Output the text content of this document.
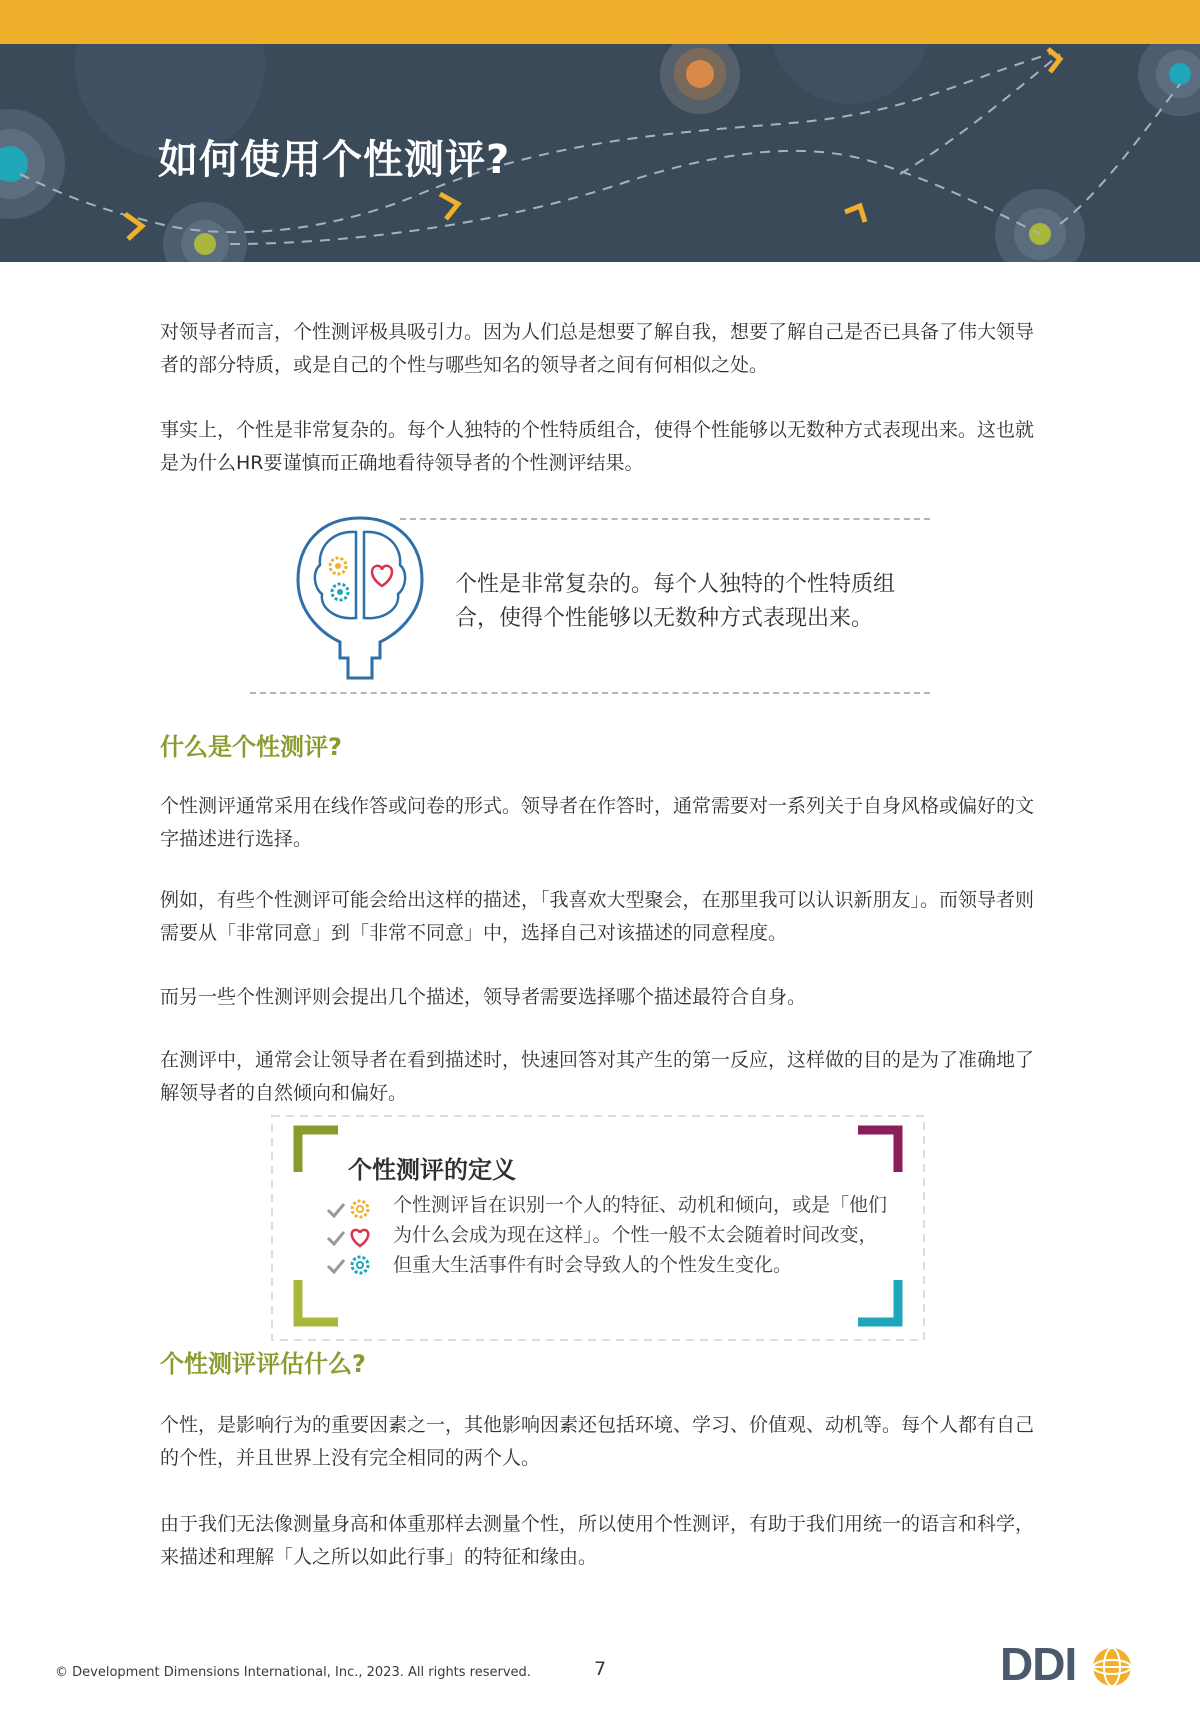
如何使用个性测评?

对领导者而言，个性测评极具吸引力。因为人们总是想要了解自我，想要了解自己是否已具备了伟大领导者的部分特质，或是自己的个性与哪些知名的领导者之间有何相似之处。

事实上，个性是非常复杂的。每个人独特的个性特质组合，使得个性能够以无数种方式表现出来。这也就是为什么HR要谨慎而正确地看待领导者的个性测评结果。

个性是非常复杂的。每个人独特的个性特质组合，使得个性能够以无数种方式表现出来。

什么是个性测评?

个性测评通常采用在线作答或问卷的形式。领导者在作答时，通常需要对一系列关于自身风格或偏好的文字描述进行选择。

例如，有些个性测评可能会给出这样的描述，「我喜欢大型聚会，在那里我可以认识新朋友」。而领导者则需要从「非常同意」到「非常不同意」中，选择自己对该描述的同意程度。

而另一些个性测评则会提出几个描述，领导者需要选择哪个描述最符合自身。

在测评中，通常会让领导者在看到描述时，快速回答对其产生的第一反应，这样做的目的是为了准确地了解领导者的自然倾向和偏好。

个性测评的定义

个性测评旨在识别一个人的特征、动机和倾向，或是「他们为什么会成为现在这样」。个性一般不太会随着时间改变，但重大生活事件有时会导致人的个性发生变化。

个性测评评估什么?

个性，是影响行为的重要因素之一，其他影响因素还包括环境、学习、价值观、动机等。每个人都有自己的个性，并且世界上没有完全相同的两个人。

由于我们无法像测量身高和体重那样去测量个性，所以使用个性测评，有助于我们用统一的语言和科学，来描述和理解「人之所以如此行事」的特征和缘由。

© Development Dimensions International, Inc., 2023. All rights reserved.	7	DDI
